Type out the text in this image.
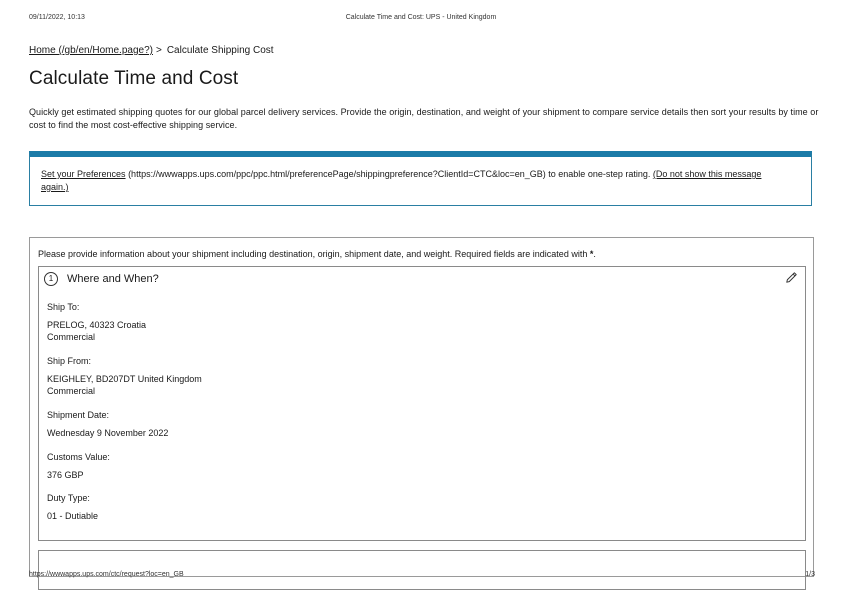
09/11/2022, 10:13	Calculate Time and Cost: UPS - United Kingdom
Home (/gb/en/Home.page?) > Calculate Shipping Cost
Calculate Time and Cost

Quickly get estimated shipping quotes for our global parcel delivery services. Provide the origin, destination, and weight of your shipment to compare service details then sort your results by time or cost to find the most cost-effective shipping service.

Set your Preferences (https://wwwapps.ups.com/ppc/ppc.html/preferencePage/shippingpreference?ClientId=CTC&loc=en_GB) to enable one-step rating. (Do not show this message again.)
Please provide information about your shipment including destination, origin, shipment date, and weight. Required fields are indicated with *.
1	Where and When?
Ship To:
PRELOG, 40323 Croatia
Commercial
Ship From:
KEIGHLEY, BD207DT United Kingdom
Commercial
Shipment Date:
Wednesday 9 November 2022
Customs Value:
376 GBP
Duty Type:
01 - Dutiable
https://wwwapps.ups.com/ctc/request?loc=en_GB	1/3
